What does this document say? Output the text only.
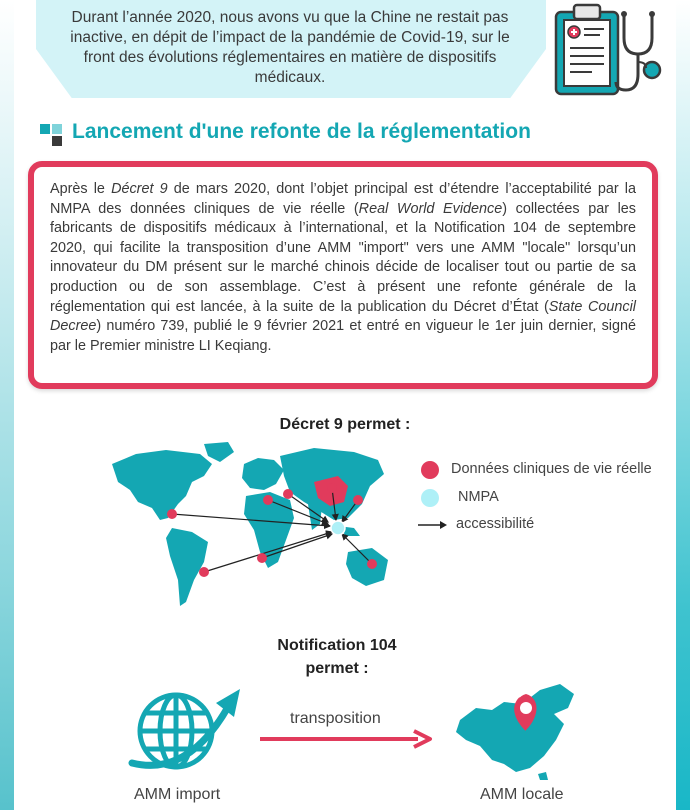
Durant l’année 2020, nous avons vu que la Chine ne restait pas inactive, en dépit de l’impact de la pandémie de Covid-19, sur le front des évolutions réglementaires en matière de dispositifs médicaux.

Lancement d'une refonte de la réglementation

Après le Décret 9 de mars 2020, dont l’objet principal est d’étendre l’acceptabilité par la NMPA des données cliniques de vie réelle (Real World Evidence) collectées par les fabricants de dispositifs médicaux à l’international, et la Notification 104 de septembre 2020, qui facilite la transposition d’une AMM "import" vers une AMM "locale" lorsqu’un innovateur du DM présent sur le marché chinois décide de localiser tout ou partie de sa production ou de son assemblage. C’est à présent une refonte générale de la réglementation qui est lancée, à la suite de la publication du Décret d’État (State Council Decree) numéro 739, publié le 9 février 2021 et entré en vigueur le 1er juin dernier, signé par le Premier ministre LI Keqiang.

Décret 9 permet :
Données cliniques de vie réelle
NMPA
accessibilité
Notification 104
permet :
transposition
AMM import	AMM locale
